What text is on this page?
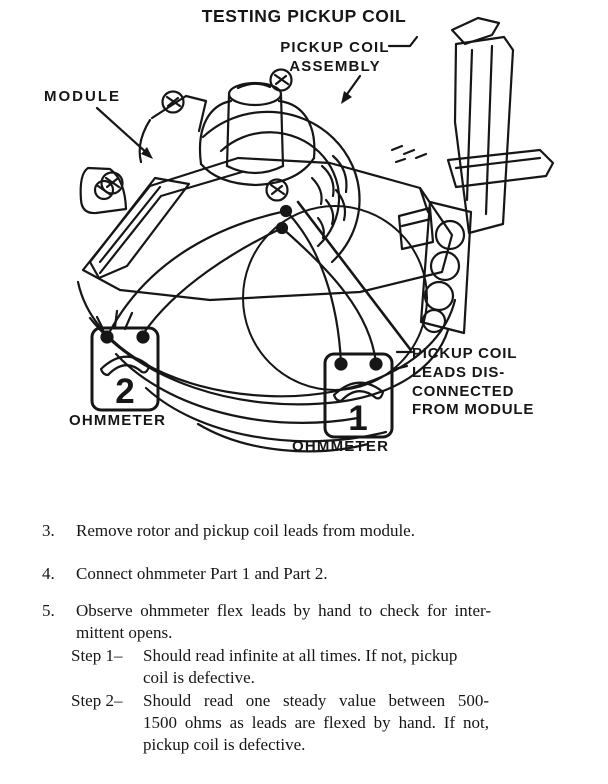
TESTING PICKUP COIL
2
1
MODULE
PICKUP COIL
ASSEMBLY
PICKUP COIL
LEADS DIS-
CONNECTED
FROM MODULE
OHMMETER
OHMMETER
3.	Remove rotor and pickup coil leads from module.
4.	Connect ohmmeter Part 1 and Part 2.
5.	Observe ohmmeter flex leads by hand to check for inter-
mittent opens.
Step 1– Should read infinite at all times. If not, pickup
coil is defective.
Step 2– Should read one steady value between 500-
1500 ohms as leads are flexed by hand. If not,
pickup coil is defective.
